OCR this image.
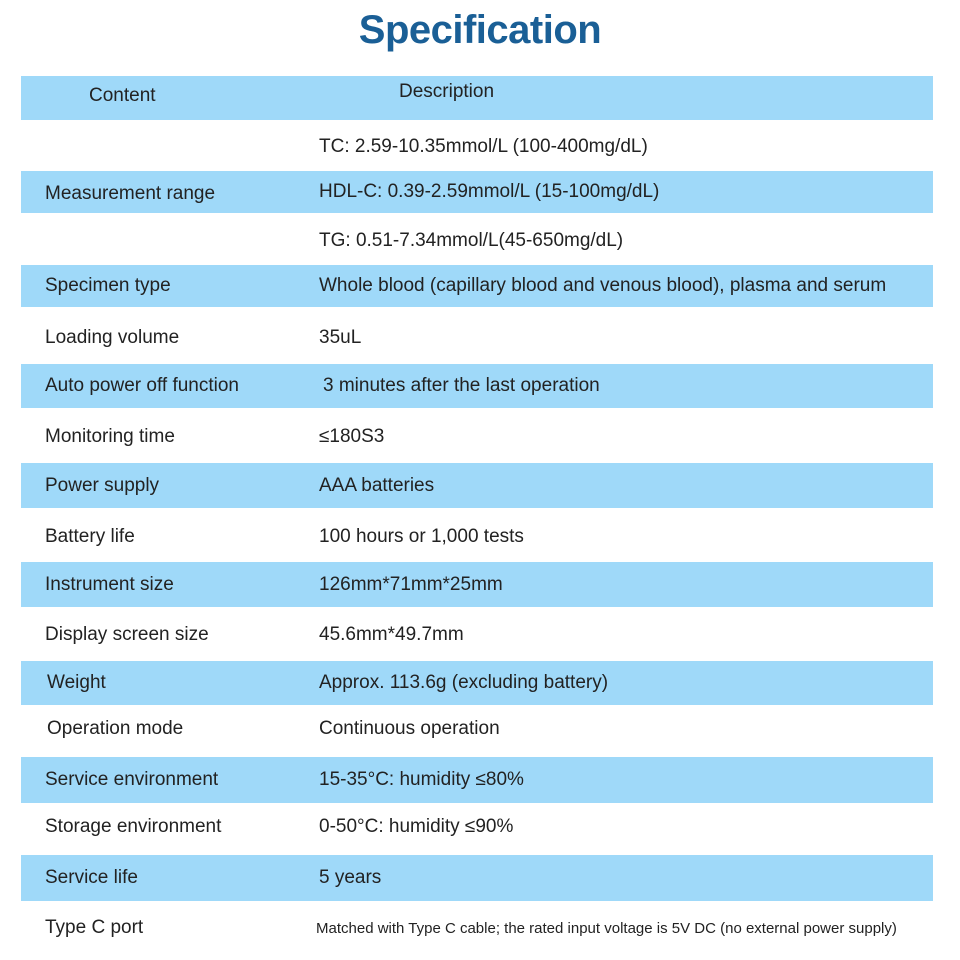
Specification
Content	Description
TC: 2.59-10.35mmol/L (100-400mg/dL)
Measurement range	HDL-C: 0.39-2.59mmol/L (15-100mg/dL)
TG: 0.51-7.34mmol/L(45-650mg/dL)
Specimen type	Whole blood (capillary blood and venous blood), plasma and serum
Loading volume	35uL
Auto power off function	3 minutes after the last operation
Monitoring time	≤180S3
Power supply	AAA batteries
Battery life	100 hours or 1,000 tests
Instrument size	126mm*71mm*25mm
Display screen size	45.6mm*49.7mm
Weight	Approx. 113.6g (excluding battery)
Operation mode	Continuous operation
Service environment	15-35°C: humidity ≤80%
Storage environment	0-50°C: humidity ≤90%
Service life	5 years
Type C port	Matched with Type C cable; the rated input voltage is 5V DC (no external power supply)
